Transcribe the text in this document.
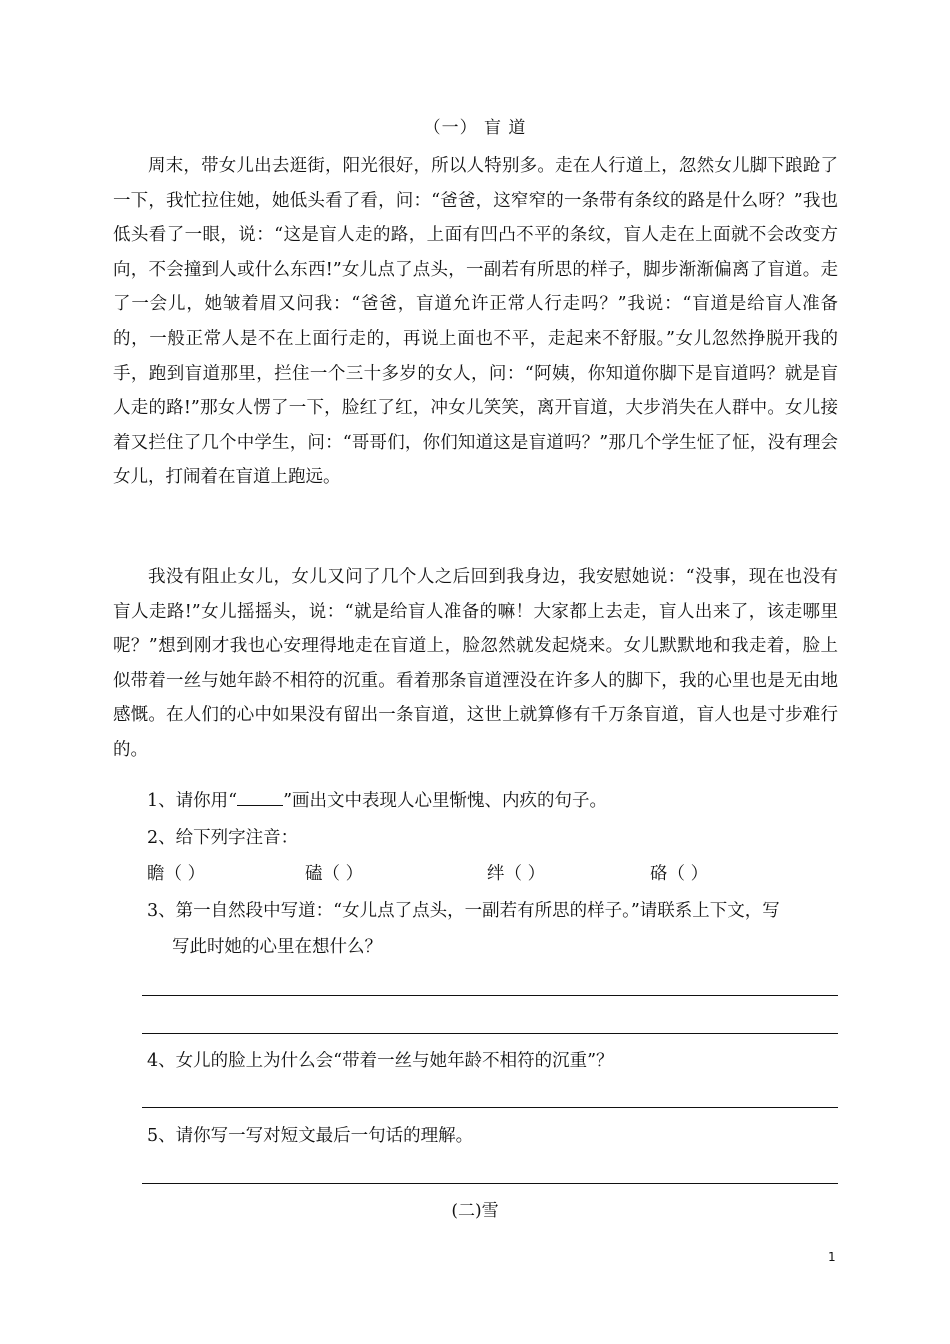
（一） 盲 道

周末，带女儿出去逛街，阳光很好，所以人特别多。走在人行道上，忽然女儿脚下踉跄了一下，我忙拉住她，她低头看了看，问：“爸爸，这窄窄的一条带有条纹的路是什么呀？”我也低头看了一眼，说：“这是盲人走的路，上面有凹凸不平的条纹，盲人走在上面就不会改变方向，不会撞到人或什么东西!”女儿点了点头，一副若有所思的样子，脚步渐渐偏离了盲道。走了一会儿，她皱着眉又问我：“爸爸，盲道允许正常人行走吗？”我说：“盲道是给盲人准备的，一般正常人是不在上面行走的，再说上面也不平，走起来不舒服。”女儿忽然挣脱开我的手，跑到盲道那里，拦住一个三十多岁的女人，问：“阿姨，你知道你脚下是盲道吗？就是盲人走的路!”那女人愣了一下，脸红了红，冲女儿笑笑，离开盲道，大步消失在人群中。女儿接着又拦住了几个中学生，问：“哥哥们，你们知道这是盲道吗？”那几个学生怔了怔，没有理会女儿，打闹着在盲道上跑远。

我没有阻止女儿，女儿又问了几个人之后回到我身边，我安慰她说：“没事，现在也没有盲人走路!”女儿摇摇头，说：“就是给盲人准备的嘛！大家都上去走，盲人出来了，该走哪里呢？”想到刚才我也心安理得地走在盲道上，脸忽然就发起烧来。女儿默默地和我走着，脸上似带着一丝与她年龄不相符的沉重。看着那条盲道湮没在许多人的脚下，我的心里也是无由地感慨。在人们的心中如果没有留出一条盲道，这世上就算修有千万条盲道，盲人也是寸步难行的。

1、请你用“	”画出文中表现人心里惭愧、内疚的句子。
2、给下列字注音：
瞻（ ）	磕（ ）	绊（ ）	硌（ ）
3、第一自然段中写道：“女儿点了点头，一副若有所思的样子。”请联系上下文，写
写此时她的心里在想什么？
4、女儿的脸上为什么会“带着一丝与她年龄不相符的沉重”？
5、请你写一写对短文最后一句话的理解。
(二)雪
1
